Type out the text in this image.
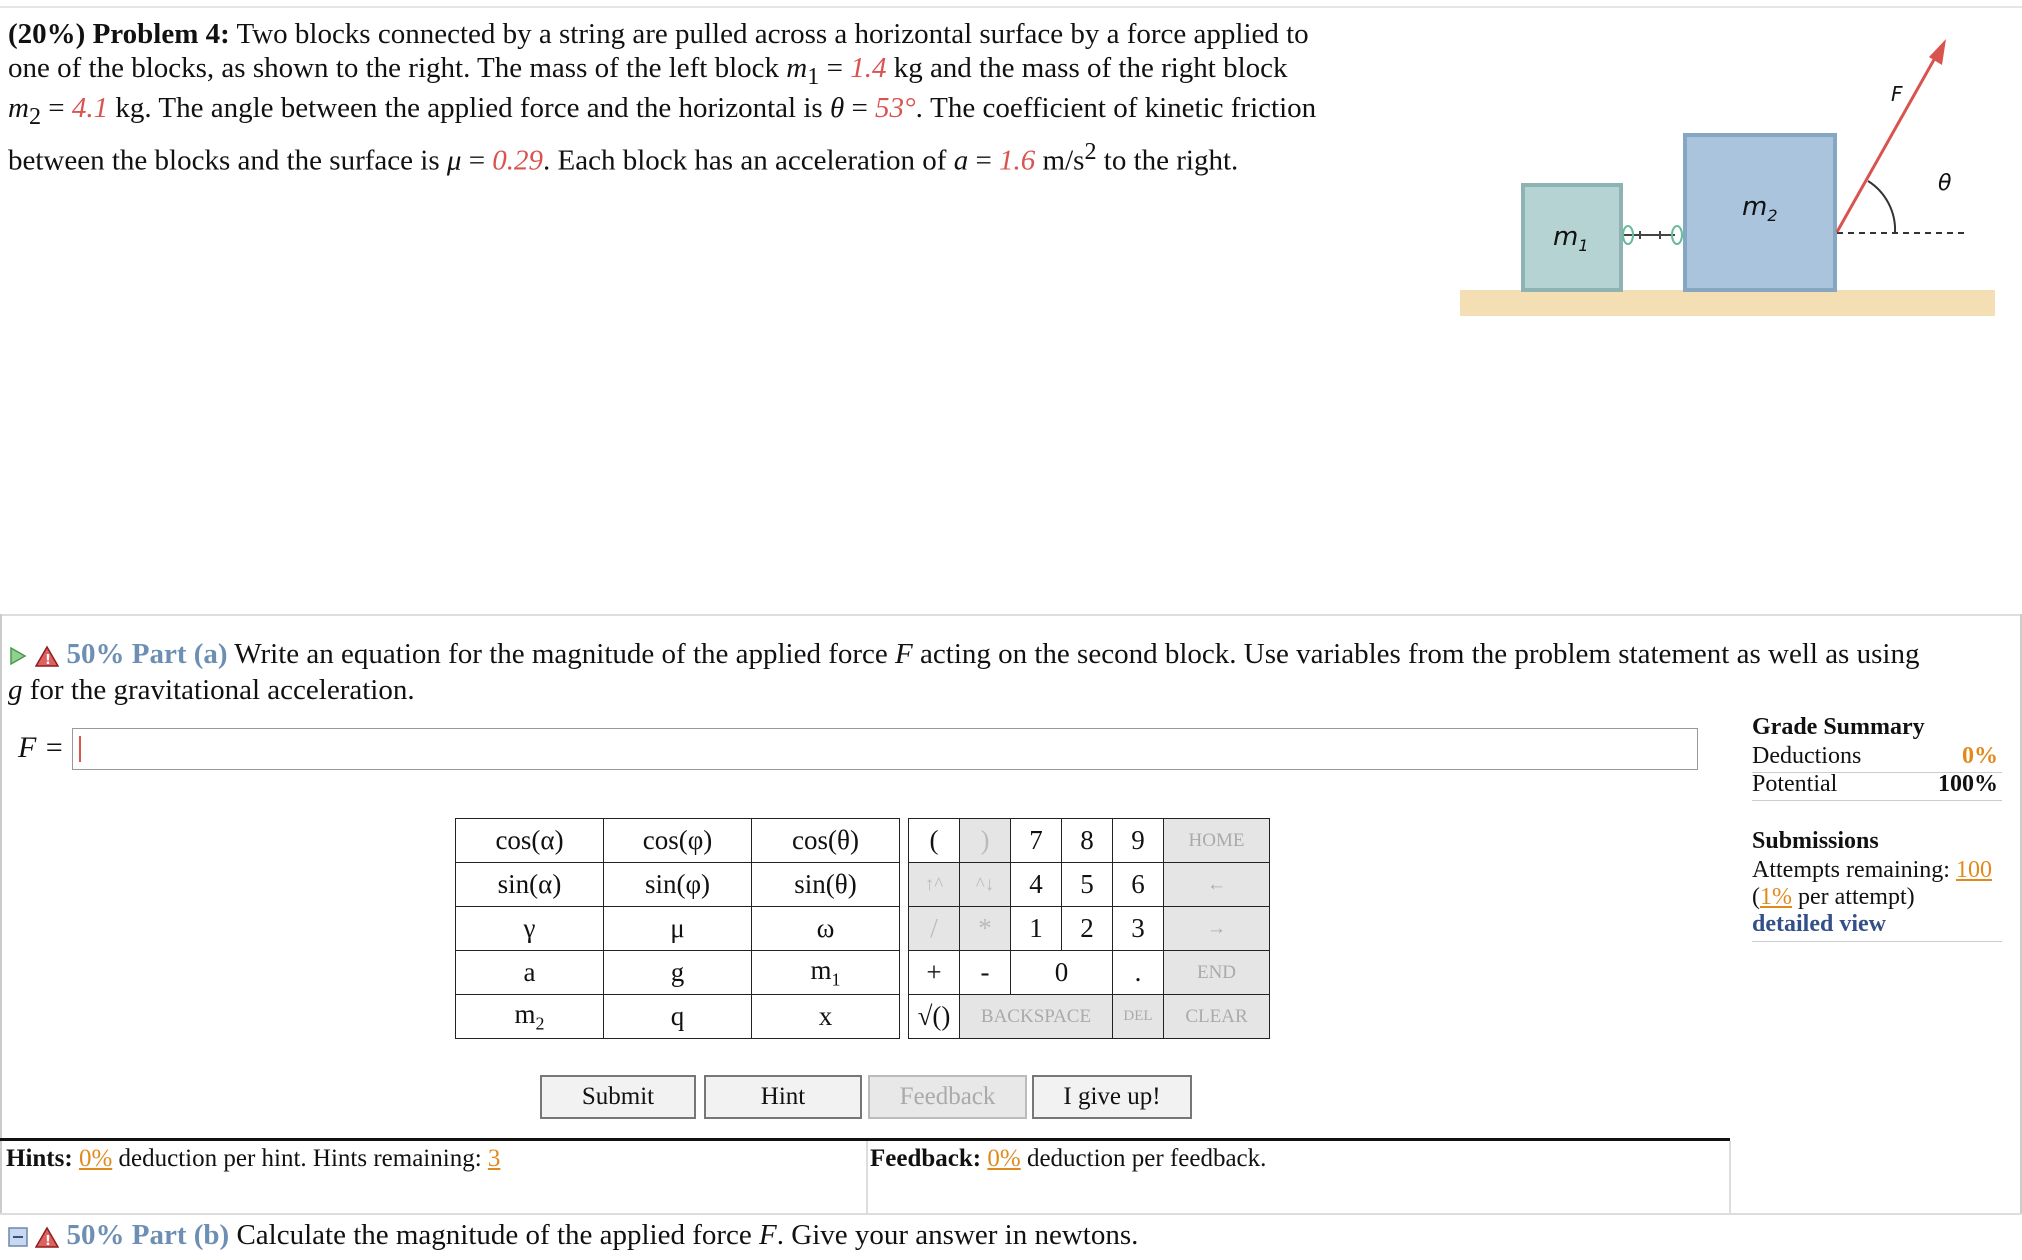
(20%) Problem 4: Two blocks connected by a string are pulled across a horizontal surface by a force applied to
one of the blocks, as shown to the right. The mass of the left block $m_1 = 1.4$ kg and the mass of the right block
$m_2 = 4.1$ kg. The angle between the applied force and the horizontal is θ = 53°. The coefficient of kinetic friction
between the blocks and the surface is μ = 0.29. Each block has an acceleration of a = 1.6 $m/s^2$ to the right.
$m_1$
$m_2$
F
θ

! 50% Part (a) Write an equation for the magnitude of the applied force F acting on the second block. Use variables from the problem statement as well as using
g for the gravitational acceleration.
F =
cos(α)	cos(φ)	cos(θ)
sin(α)	sin(φ)	sin(θ)
γ	μ	ω
a	g	$m_1$
$m_2$	q	x
(	)	7	8	9	HOME
↑^	^↓	4	5	6	←
/	*	1	2	3	→
+	-	0		.	END
√()	BACKSPACE			DEL	CLEAR
Submit	Hint	Feedback	I give up!
Hints: 0% deduction per hint. Hints remaining: 3	Feedback: 0% deduction per feedback.
Grade Summary
Deductions	0%
Potential	100%
Submissions
Attempts remaining: 100
(1% per attempt)
detailed view

! 50% Part (b) Calculate the magnitude of the applied force F. Give your answer in newtons.
